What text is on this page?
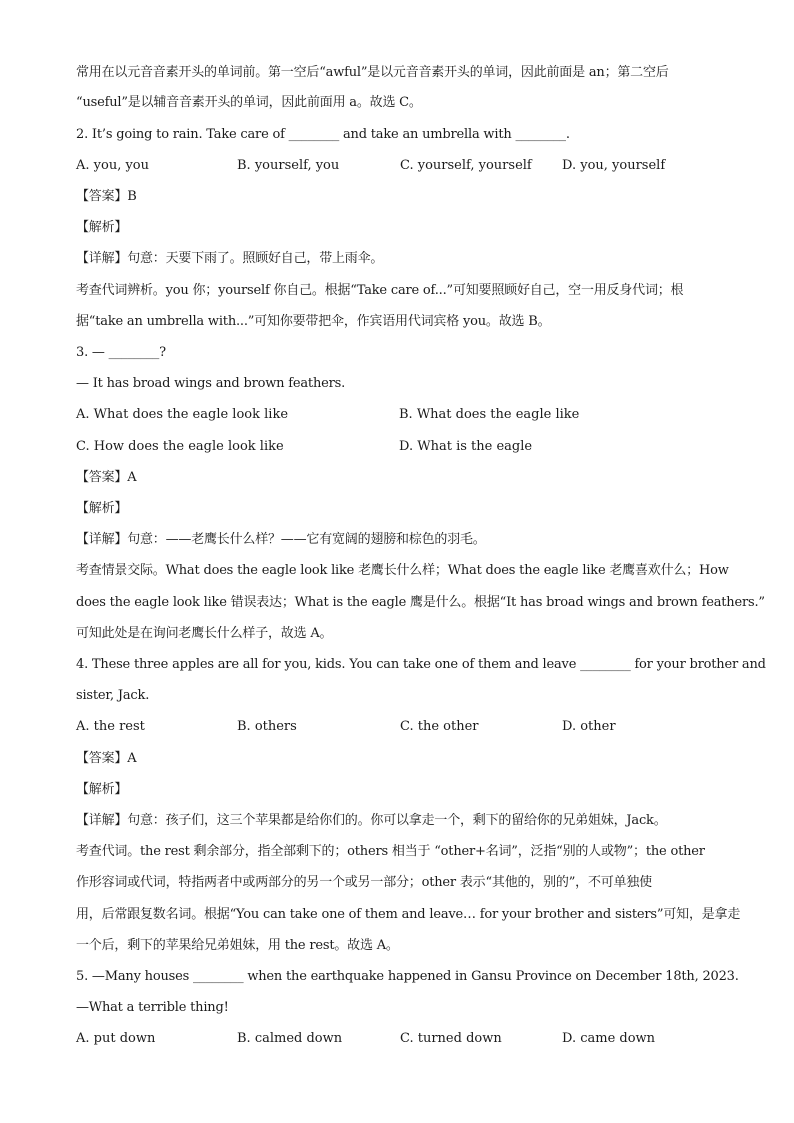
常用在以元音音素开头的单词前。第一空后“awful”是以元音音素开头的单词，因此前面是 an；第二空后
“useful”是以辅音音素开头的单词，因此前面用 a。故选 C。
2. It’s going to rain. Take care of ________ and take an umbrella with ________.
A. you, you	B. yourself, you	C. yourself, yourself D. you, yourself
【答案】B
【解析】
【详解】句意：天要下雨了。照顾好自己，带上雨伞。
考查代词辨析。you 你；yourself 你自己。根据“Take care of...”可知要照顾好自己，空一用反身代词；根
据“take an umbrella with...”可知你要带把伞，作宾语用代词宾格 you。故选 B。
3. — ________?
— It has broad wings and brown feathers.
A. What does the eagle look like	B. What does the eagle like
C. How does the eagle look like	D. What is the eagle
【答案】A
【解析】
【详解】句意：——老鹰长什么样？——它有宽阔的翅膀和棕色的羽毛。
考查情景交际。What does the eagle look like 老鹰长什么样；What does the eagle like 老鹰喜欢什么；How
does the eagle look like 错误表达；What is the eagle 鹰是什么。根据“It has broad wings and brown feathers.”
可知此处是在询问老鹰长什么样子，故选 A。
4. These three apples are all for you, kids. You can take one of them and leave ________ for your brother and
sister, Jack.
A. the rest	B. others	C. the other	D. other
【答案】A
【解析】
【详解】句意：孩子们，这三个苹果都是给你们的。你可以拿走一个，剩下的留给你的兄弟姐妹，Jack。
考查代词。the rest 剩余部分，指全部剩下的；others 相当于 “other+名词”，泛指“别的人或物”；the other
作形容词或代词，特指两者中或两部分的另一个或另一部分；other 表示“其他的，别的”，不可单独使
用，后常跟复数名词。根据“You can take one of them and leave… for your brother and sisters”可知，是拿走
一个后，剩下的苹果给兄弟姐妹，用 the rest。故选 A。
5. —Many houses ________ when the earthquake happened in Gansu Province on December 18th, 2023.
—What a terrible thing!
A. put down	B. calmed down	C. turned down	D. came down
